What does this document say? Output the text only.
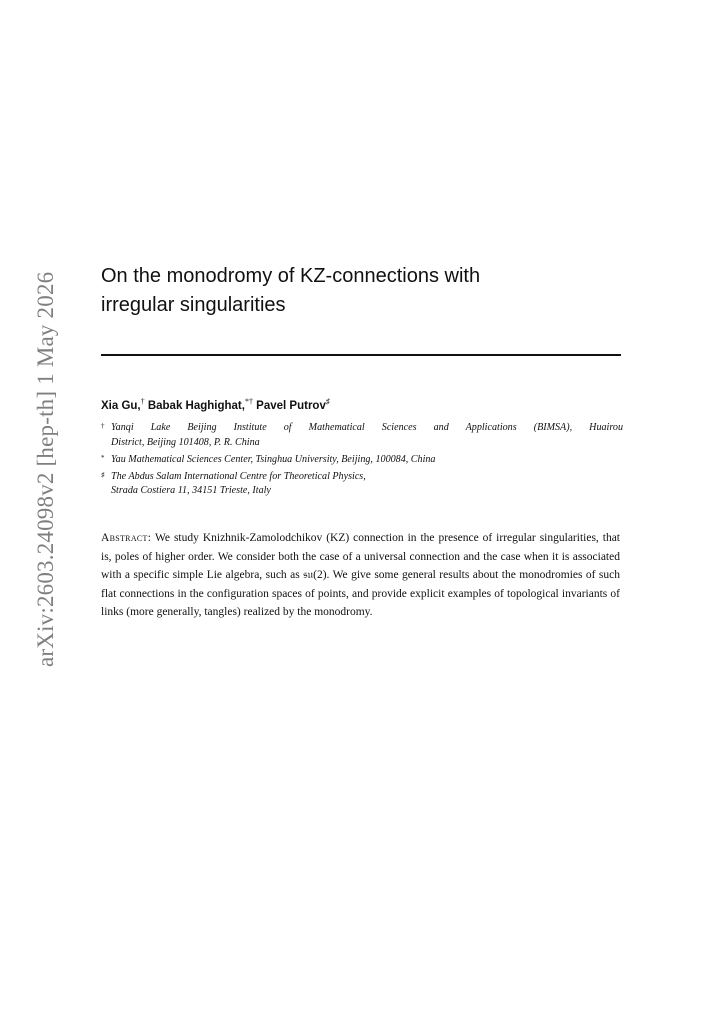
arXiv:2603.24098v2 [hep-th] 1 May 2026 On the monodromy of KZ-connections with
irregular singularities
Xia Gu,† Babak Haghighat,*† Pavel Putrov♯
† Yanqi Lake Beijing Institute of Mathematical Sciences and Applications (BIMSA), Huairou
District, Beijing 101408, P. R. China
* Yau Mathematical Sciences Center, Tsinghua University, Beijing, 100084, China
♯ The Abdus Salam International Centre for Theoretical Physics,
Strada Costiera 11, 34151 Trieste, Italy

Abstract: We study Knizhnik-Zamolodchikov (KZ) connection in the presence of irregular singularities, that is, poles of higher order. We consider both the case of a universal connection and the case when it is associated with a specific simple Lie algebra, such as 𝔰𝔲(2). We give some general results about the monodromies of such flat connections in the configuration spaces of points, and provide explicit examples of topological invariants of links (more generally, tangles) realized by the monodromy.
